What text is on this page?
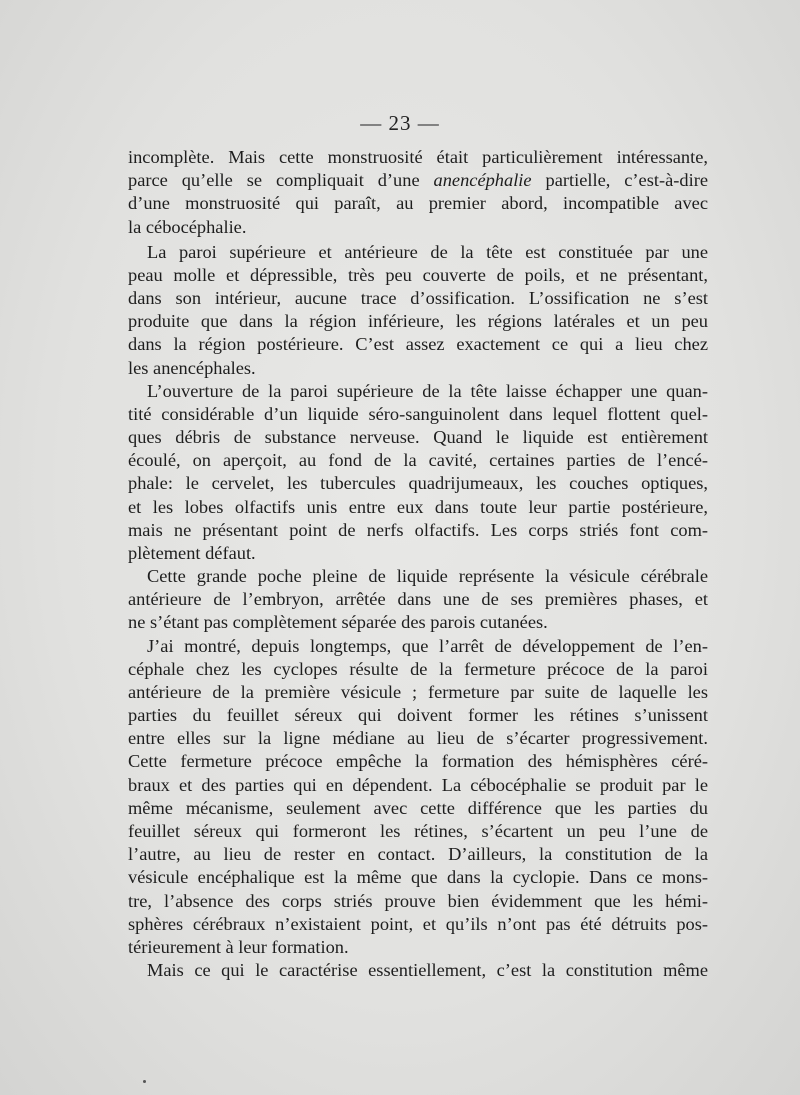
— 23 —
incomplète. Mais cette monstruosité était particulièrement intéressante,
parce qu’elle se compliquait d’une anencéphalie partielle, c’est-à-dire
d’une monstruosité qui paraît, au premier abord, incompatible avec
la cébocéphalie.
La paroi supérieure et antérieure de la tête est constituée par une
peau molle et dépressible, très peu couverte de poils, et ne présentant,
dans son intérieur, aucune trace d’ossification. L’ossification ne s’est
produite que dans la région inférieure, les régions latérales et un peu
dans la région postérieure. C’est assez exactement ce qui a lieu chez
les anencéphales.
L’ouverture de la paroi supérieure de la tête laisse échapper une quan-
tité considérable d’un liquide séro-sanguinolent dans lequel flottent quel-
ques débris de substance nerveuse. Quand le liquide est entièrement
écoulé, on aperçoit, au fond de la cavité, certaines parties de l’encé-
phale: le cervelet, les tubercules quadrijumeaux, les couches optiques,
et les lobes olfactifs unis entre eux dans toute leur partie postérieure,
mais ne présentant point de nerfs olfactifs. Les corps striés font com-
plètement défaut.
Cette grande poche pleine de liquide représente la vésicule cérébrale
antérieure de l’embryon, arrêtée dans une de ses premières phases, et
ne s’étant pas complètement séparée des parois cutanées.
J’ai montré, depuis longtemps, que l’arrêt de développement de l’en-
céphale chez les cyclopes résulte de la fermeture précoce de la paroi
antérieure de la première vésicule ; fermeture par suite de laquelle les
parties du feuillet séreux qui doivent former les rétines s’unissent
entre elles sur la ligne médiane au lieu de s’écarter progressivement.
Cette fermeture précoce empêche la formation des hémisphères céré-
braux et des parties qui en dépendent. La cébocéphalie se produit par le
même mécanisme, seulement avec cette différence que les parties du
feuillet séreux qui formeront les rétines, s’écartent un peu l’une de
l’autre, au lieu de rester en contact. D’ailleurs, la constitution de la
vésicule encéphalique est la même que dans la cyclopie. Dans ce mons-
tre, l’absence des corps striés prouve bien évidemment que les hémi-
sphères cérébraux n’existaient point, et qu’ils n’ont pas été détruits pos-
térieurement à leur formation.
Mais ce qui le caractérise essentiellement, c’est la constitution même
